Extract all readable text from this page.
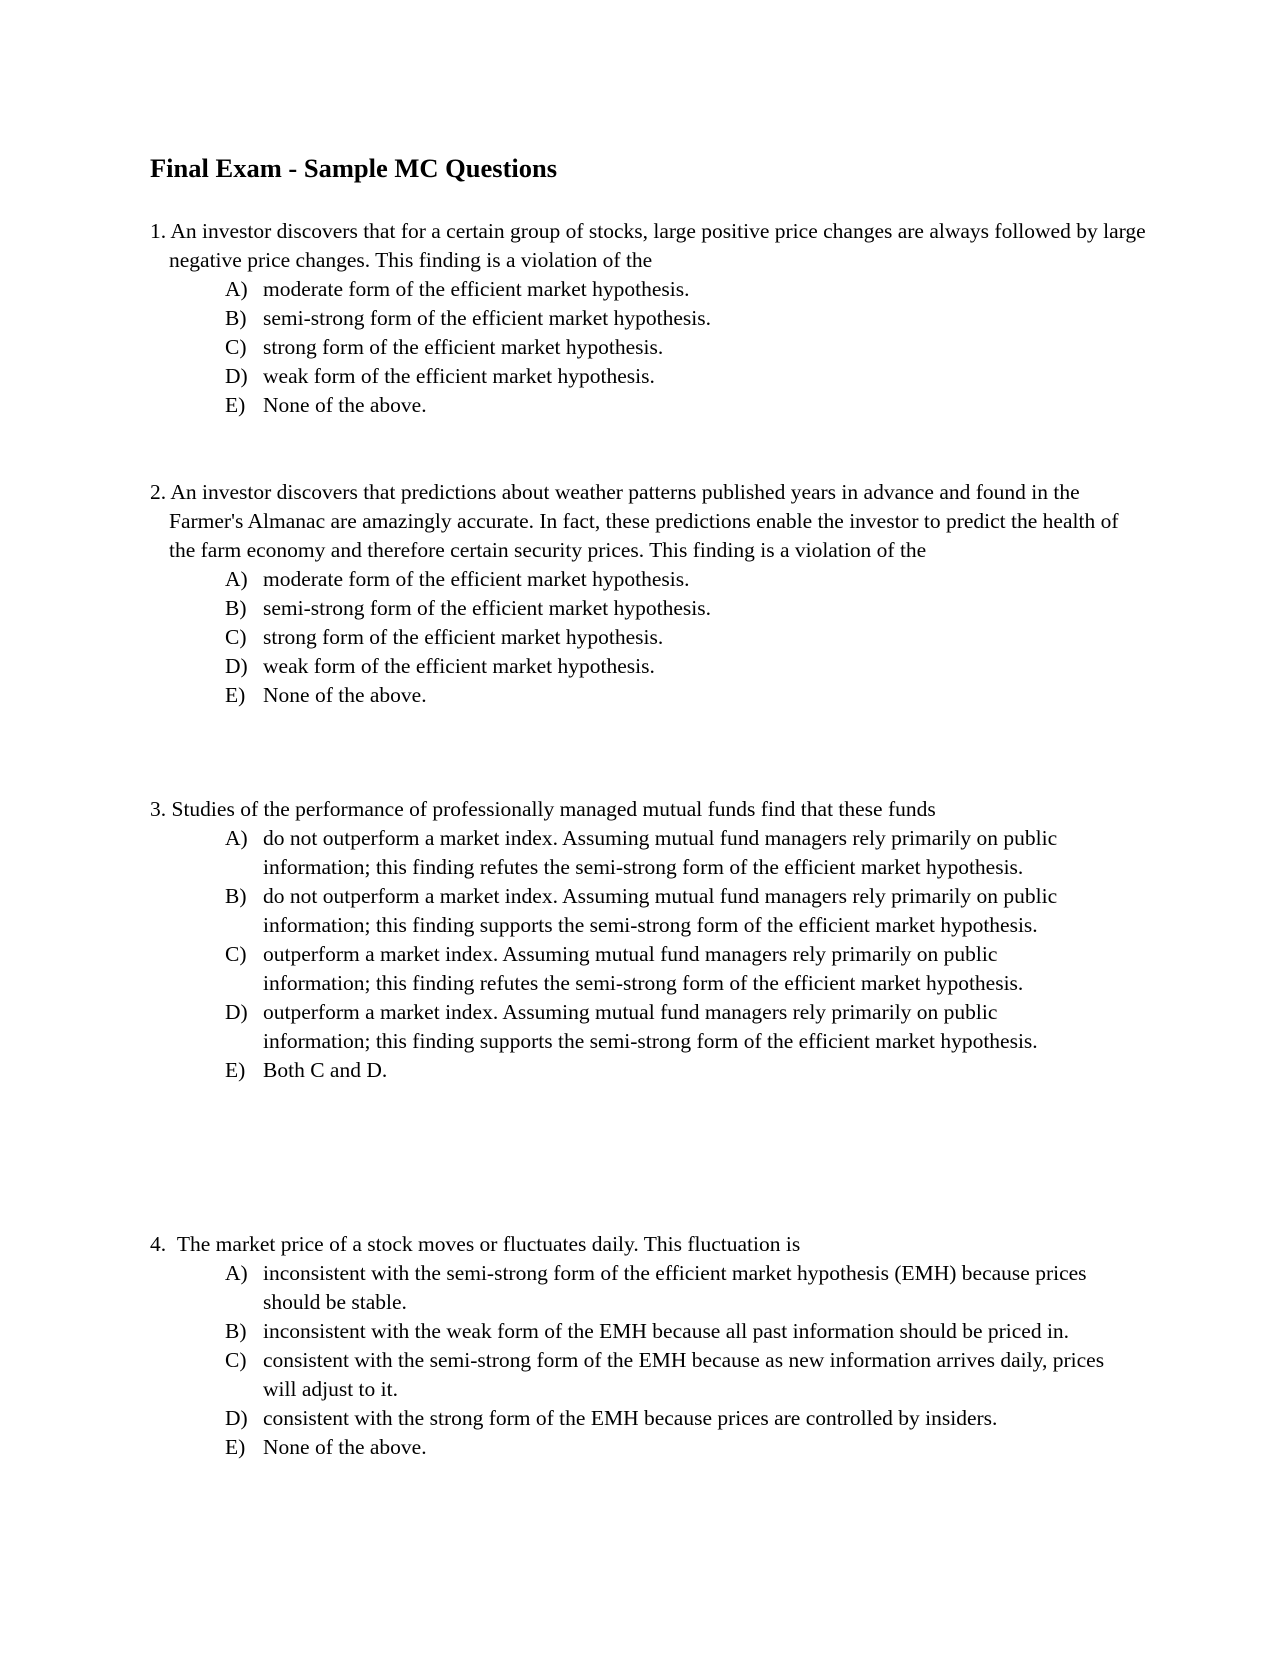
Final Exam - Sample MC Questions
1. An investor discovers that for a certain group of stocks, large positive price changes are always followed by large negative price changes. This finding is a violation of the
A) moderate form of the efficient market hypothesis.
B) semi-strong form of the efficient market hypothesis.
C) strong form of the efficient market hypothesis.
D) weak form of the efficient market hypothesis.
E) None of the above.
2. An investor discovers that predictions about weather patterns published years in advance and found in the Farmer's Almanac are amazingly accurate. In fact, these predictions enable the investor to predict the health of the farm economy and therefore certain security prices. This finding is a violation of the
A) moderate form of the efficient market hypothesis.
B) semi-strong form of the efficient market hypothesis.
C) strong form of the efficient market hypothesis.
D) weak form of the efficient market hypothesis.
E) None of the above.
3.
Studies of the performance of professionally managed mutual funds find that these funds
A) do not outperform a market index. Assuming mutual fund managers rely primarily on public information; this finding refutes the semi-strong form of the efficient market hypothesis.
B) do not outperform a market index. Assuming mutual fund managers rely primarily on public information; this finding supports the semi-strong form of the efficient market hypothesis.
C) outperform a market index. Assuming mutual fund managers rely primarily on public information; this finding refutes the semi-strong form of the efficient market hypothesis.
D) outperform a market index. Assuming mutual fund managers rely primarily on public information; this finding supports the semi-strong form of the efficient market hypothesis.
E) Both C and D.
4.
The market price of a stock moves or fluctuates daily. This fluctuation is
A) inconsistent with the semi-strong form of the efficient market hypothesis (EMH) because prices should be stable.
B) inconsistent with the weak form of the EMH because all past information should be priced in.
C) consistent with the semi-strong form of the EMH because as new information arrives daily, prices will adjust to it.
D) consistent with the strong form of the EMH because prices are controlled by insiders.
E) None of the above.
